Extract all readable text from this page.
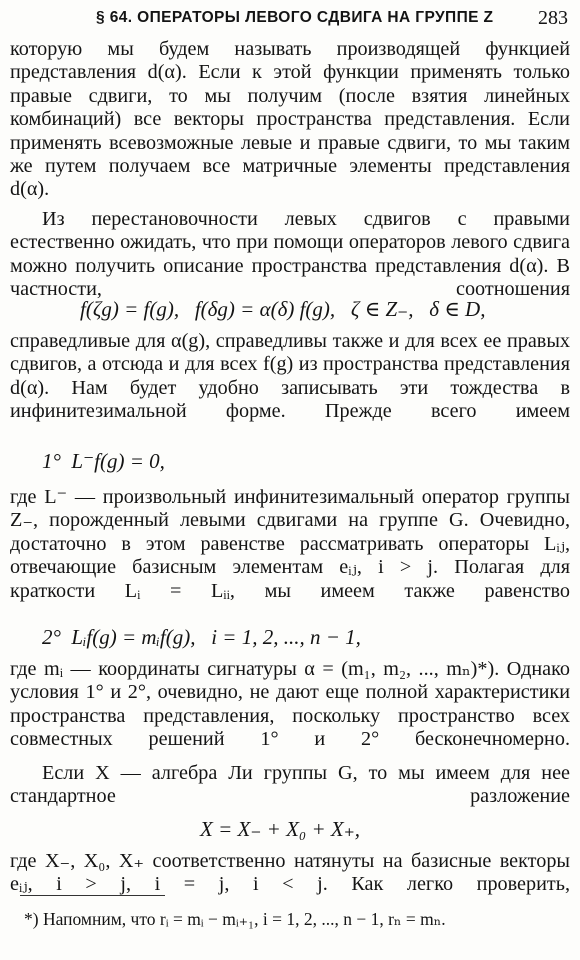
§ 64. ОПЕРАТОРЫ ЛЕВОГО СДВИГА НА ГРУППЕ Z 283
которую мы будем называть производящей функцией представления d(α). Если к этой функции применять только правые сдвиги, то мы получим (после взятия линейных комбинаций) все векторы пространства представления. Если применять всевозможные левые и правые сдвиги, то мы таким же путем получаем все матричные элементы представления d(α).
Из перестановочности левых сдвигов с правыми естественно ожидать, что при помощи операторов левого сдвига можно получить описание пространства представления d(α). В частности, соотношения
f(ζg) = f(g),   f(δg) = α(δ) f(g),   ζ ∈ Z₋,   δ ∈ D,
справедливые для α(g), справедливы также и для всех ее правых сдвигов, а отсюда и для всех f(g) из пространства представления d(α). Нам будет удобно записывать эти тождества в инфинитезимальной форме. Прежде всего имеем
1°  L⁻f(g) = 0,
где L⁻ — произвольный инфинитезимальный оператор группы Z₋, порожденный левыми сдвигами на группе G. Очевидно, достаточно в этом равенстве рассматривать операторы Lᵢⱼ, отвечающие базисным элементам eᵢⱼ, i > j. Полагая для краткости Lᵢ = Lᵢᵢ, мы имеем также равенство
2°  Lᵢf(g) = mᵢf(g),   i = 1, 2, ..., n − 1,
где mᵢ — координаты сигнатуры α = (m₁, m₂, ..., mₙ)*). Однако условия 1° и 2°, очевидно, не дают еще полной характеристики пространства представления, поскольку пространство всех совместных решений 1° и 2° бесконечномерно.
Если X — алгебра Ли группы G, то мы имеем для нее стандартное разложение
X = X₋ + X₀ + X₊,
где X₋, X₀, X₊ соответственно натянуты на базисные векторы eᵢⱼ, i > j, i = j, i < j. Как легко проверить,
*) Напомним, что rᵢ = mᵢ − mᵢ₊₁, i = 1, 2, ..., n − 1, rₙ = mₙ.
